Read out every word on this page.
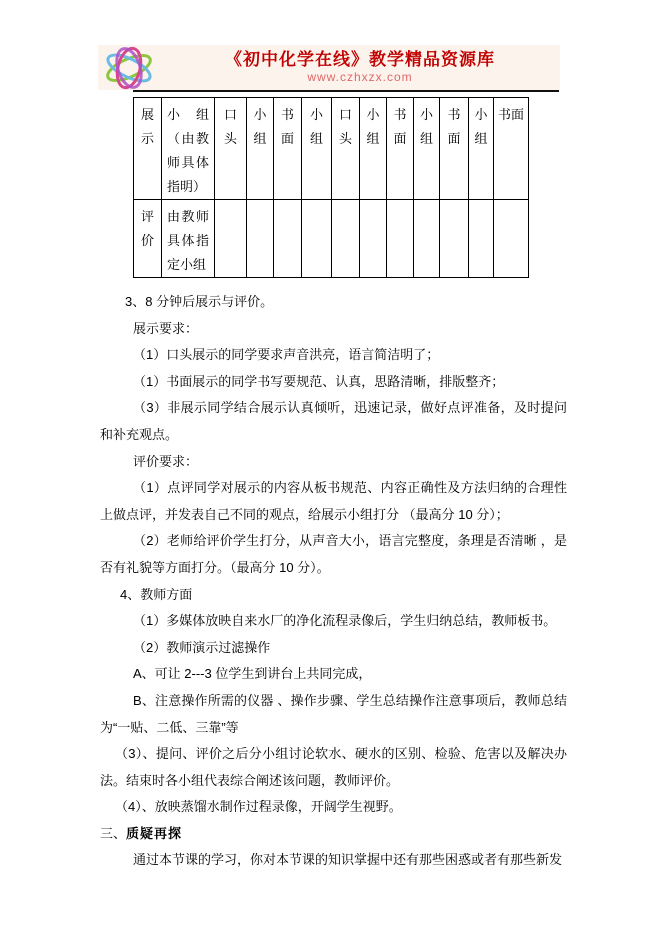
《初中化学在线》教学精品资源库
www.czhxzx.com
展示	小组（由教师具体指明）	口头	小组	书面	小组	口头	小组	书面	小组	书面	小组	书面
评价	由教师具体指定小组											

3、8 分钟后展示与评价。

展示要求：

（1）口头展示的同学要求声音洪亮，语言简洁明了；

（1）书面展示的同学书写要规范、认真，思路清晰，排版整齐；

（3）非展示同学结合展示认真倾听，迅速记录，做好点评准备，及时提问和补充观点。

评价要求：

（1）点评同学对展示的内容从板书规范、内容正确性及方法归纳的合理性上做点评，并发表自己不同的观点，给展示小组打分 （最高分 10 分）；

（2）老师给评价学生打分，从声音大小，语言完整度，条理是否清晰 ，是否有礼貌等方面打分。（最高分 10 分）。

4、教师方面

（1）多媒体放映自来水厂的净化流程录像后，学生归纳总结，教师板书。

（2）教师演示过滤操作

A、可让 2---3 位学生到讲台上共同完成，

B、注意操作所需的仪器 、操作步骤、学生总结操作注意事项后，教师总结为“一贴、二低、三靠”等

（3）、提问、评价之后分小组讨论软水、硬水的区别、检验、危害以及解决办法。结束时各小组代表综合阐述该问题，教师评价。

（4）、放映蒸馏水制作过程录像，开阔学生视野。

三、质疑再探

通过本节课的学习，你对本节课的知识掌握中还有那些困惑或者有那些新发
